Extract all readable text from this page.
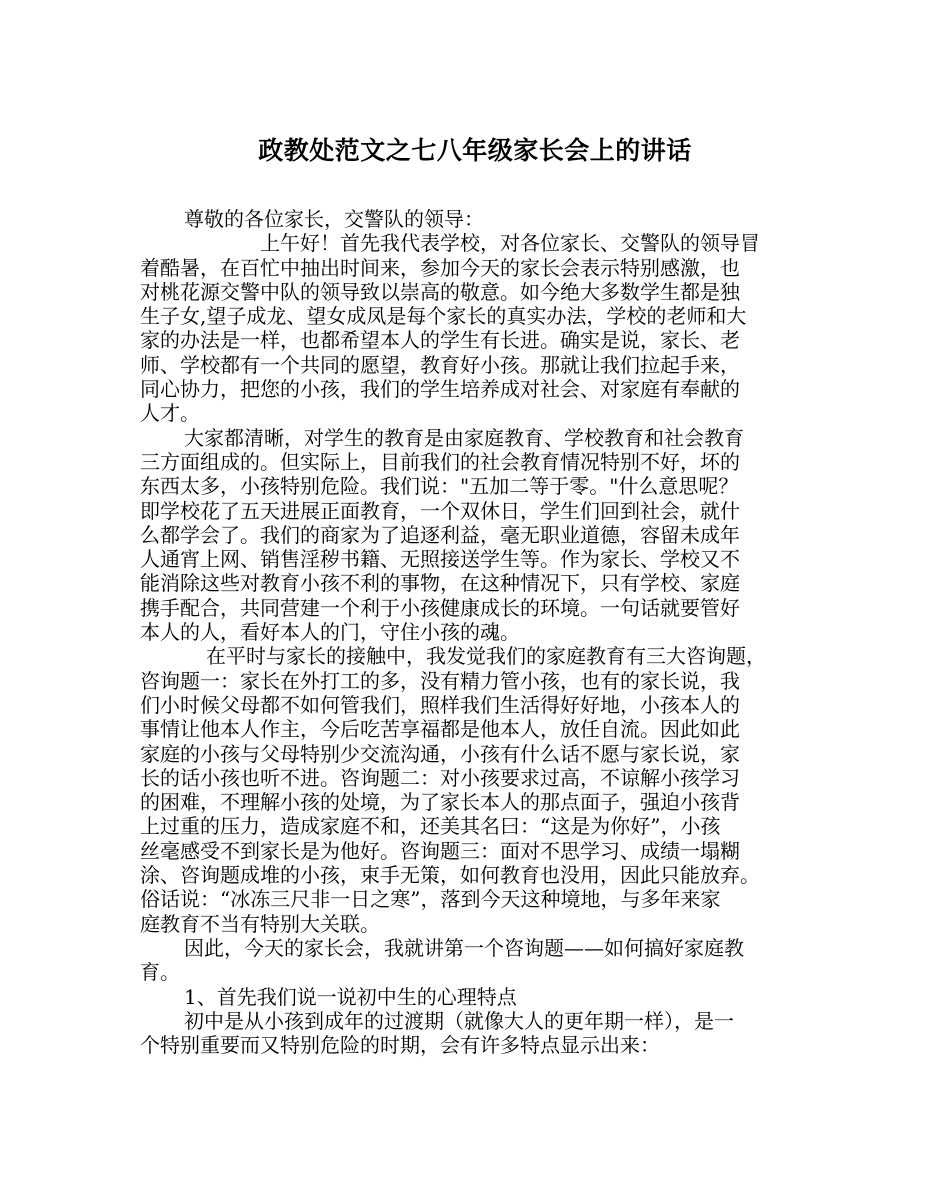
政教处范文之七八年级家长会上的讲话
尊敬的各位家长，交警队的领导：
上午好！首先我代表学校，对各位家长、交警队的领导冒
着酷暑，在百忙中抽出时间来，参加今天的家长会表示特别感激，也
对桃花源交警中队的领导致以崇高的敬意。如今绝大多数学生都是独
生子女,望子成龙、望女成凤是每个家长的真实办法，学校的老师和大
家的办法是一样，也都希望本人的学生有长进。确实是说，家长、老
师、学校都有一个共同的愿望，教育好小孩。那就让我们拉起手来，
同心协力，把您的小孩，我们的学生培养成对社会、对家庭有奉献的
人才。
大家都清晰，对学生的教育是由家庭教育、学校教育和社会教育
三方面组成的。但实际上，目前我们的社会教育情况特别不好，坏的
东西太多，小孩特别危险。我们说："五加二等于零。"什么意思呢？
即学校花了五天进展正面教育，一个双休日，学生们回到社会，就什
么都学会了。我们的商家为了追逐利益，毫无职业道德，容留未成年
人通宵上网、销售淫秽书籍、无照接送学生等。作为家长、学校又不
能消除这些对教育小孩不利的事物，在这种情况下，只有学校、家庭
携手配合，共同营建一个利于小孩健康成长的环境。一句话就要管好
本人的人，看好本人的门，守住小孩的魂。
在平时与家长的接触中，我发觉我们的家庭教育有三大咨询题，
咨询题一：家长在外打工的多，没有精力管小孩，也有的家长说，我
们小时候父母都不如何管我们，照样我们生活得好好地，小孩本人的
事情让他本人作主，今后吃苦享福都是他本人，放任自流。因此如此
家庭的小孩与父母特别少交流沟通，小孩有什么话不愿与家长说，家
长的话小孩也听不进。咨询题二：对小孩要求过高，不谅解小孩学习
的困难，不理解小孩的处境，为了家长本人的那点面子，强迫小孩背
上过重的压力，造成家庭不和，还美其名曰：“这是为你好”，小孩
丝毫感受不到家长是为他好。咨询题三：面对不思学习、成绩一塌糊
涂、咨询题成堆的小孩，束手无策，如何教育也没用，因此只能放弃。
俗话说：“冰冻三尺非一日之寒”，落到今天这种境地，与多年来家
庭教育不当有特别大关联。
因此，今天的家长会，我就讲第一个咨询题——如何搞好家庭教
育。
1、首先我们说一说初中生的心理特点
初中是从小孩到成年的过渡期（就像大人的更年期一样），是一
个特别重要而又特别危险的时期，会有许多特点显示出来：
